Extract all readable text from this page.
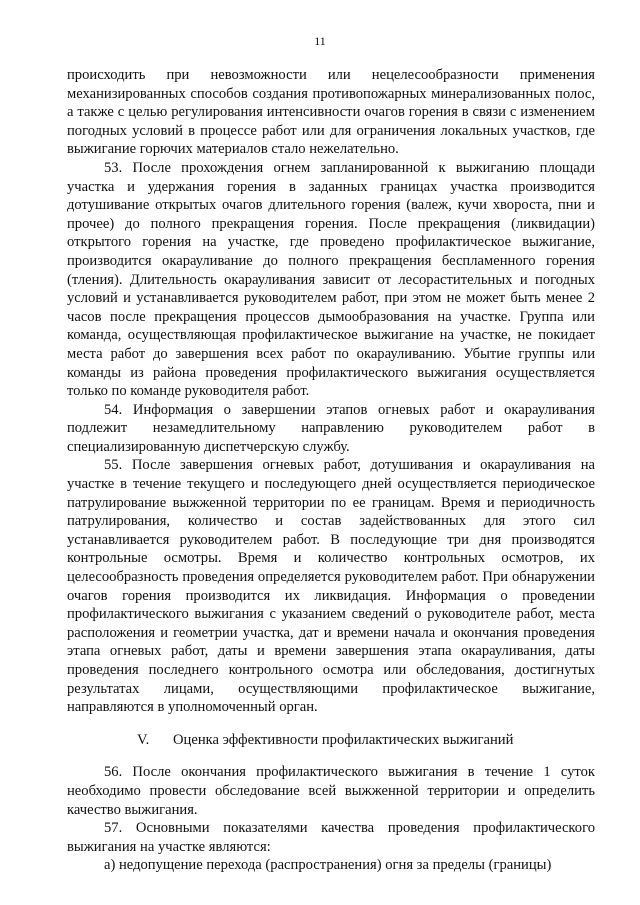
11

происходить при невозможности или нецелесообразности применения механизированных способов создания противопожарных минерализованных полос, а также с целью регулирования интенсивности очагов горения в связи с изменением погодных условий в процессе работ или для ограничения локальных участков, где выжигание горючих материалов стало нежелательно.

53. После прохождения огнем запланированной к выжиганию площади участка и удержания горения в заданных границах участка производится дотушивание открытых очагов длительного горения (валеж, кучи хвороста, пни и прочее) до полного прекращения горения. После прекращения (ликвидации) открытого горения на участке, где проведено профилактическое выжигание, производится окарауливание до полного прекращения беспламенного горения (тления). Длительность окарауливания зависит от лесорастительных и погодных условий и устанавливается руководителем работ, при этом не может быть менее 2 часов после прекращения процессов дымообразования на участке. Группа или команда, осуществляющая профилактическое выжигание на участке, не покидает места работ до завершения всех работ по окарауливанию. Убытие группы или команды из района проведения профилактического выжигания осуществляется только по команде руководителя работ.

54. Информация о завершении этапов огневых работ и окарауливания подлежит незамедлительному направлению руководителем работ в специализированную диспетчерскую службу.

55. После завершения огневых работ, дотушивания и окарауливания на участке в течение текущего и последующего дней осуществляется периодическое патрулирование выжженной территории по ее границам. Время и периодичность патрулирования, количество и состав задействованных для этого сил устанавливается руководителем работ. В последующие три дня производятся контрольные осмотры. Время и количество контрольных осмотров, их целесообразность проведения определяется руководителем работ. При обнаружении очагов горения производится их ликвидация. Информация о проведении профилактического выжигания с указанием сведений о руководителе работ, места расположения и геометрии участка, дат и времени начала и окончания проведения этапа огневых работ, даты и времени завершения этапа окарауливания, даты проведения последнего контрольного осмотра или обследования, достигнутых результатах лицами, осуществляющими профилактическое выжигание, направляются в уполномоченный орган.

V. Оценка эффективности профилактических выжиганий

56. После окончания профилактического выжигания в течение 1 суток необходимо провести обследование всей выжженной территории и определить качество выжигания.

57. Основными показателями качества проведения профилактического выжигания на участке являются:

а) недопущение перехода (распространения) огня за пределы (границы)
